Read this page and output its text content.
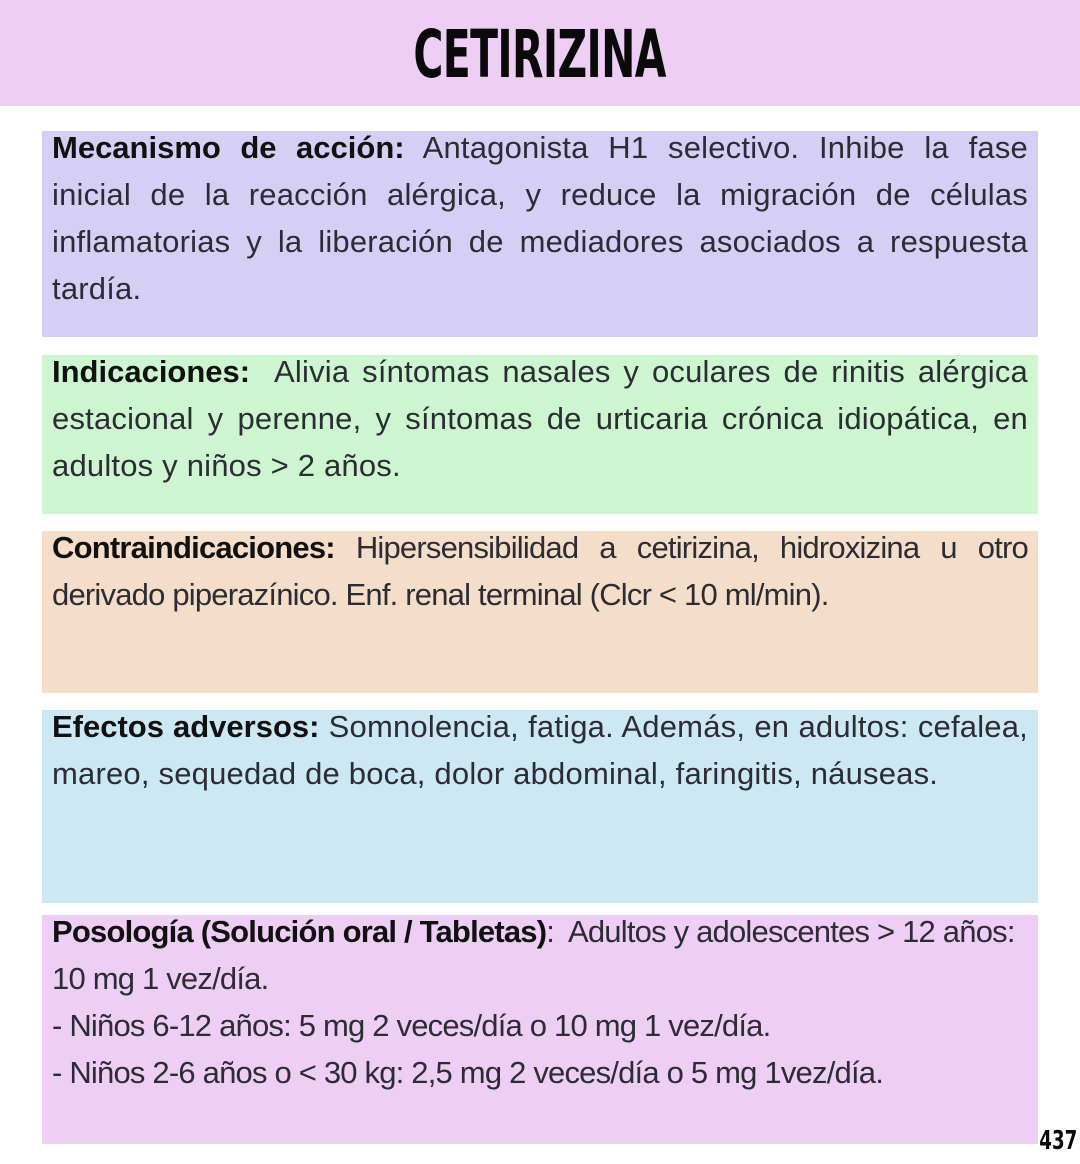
CETIRIZINA
Mecanismo de acción: Antagonista H1 selectivo. Inhibe la fase inicial de la reacción alérgica, y reduce la migración de células inflamatorias y la liberación de mediadores asociados a respuesta tardía.
Indicaciones:  Alivia síntomas nasales y oculares de rinitis alérgica estacional y perenne, y síntomas de urticaria crónica idiopática, en adultos y niños > 2 años.
Contraindicaciones: Hipersensibilidad a cetirizina, hidroxizina u otro derivado piperazínico. Enf. renal terminal (Clcr < 10 ml/min).
Efectos adversos: Somnolencia, fatiga. Además, en adultos: cefalea, mareo, sequedad de boca, dolor abdominal, faringitis, náuseas.
Posología (Solución oral / Tabletas):  Adultos y adolescentes > 12 años: 10 mg 1 vez/día.
- Niños 6-12 años: 5 mg 2 veces/día o 10 mg 1 vez/día.
- Niños 2-6 años o < 30 kg: 2,5 mg 2 veces/día o 5 mg 1vez/día.
437
